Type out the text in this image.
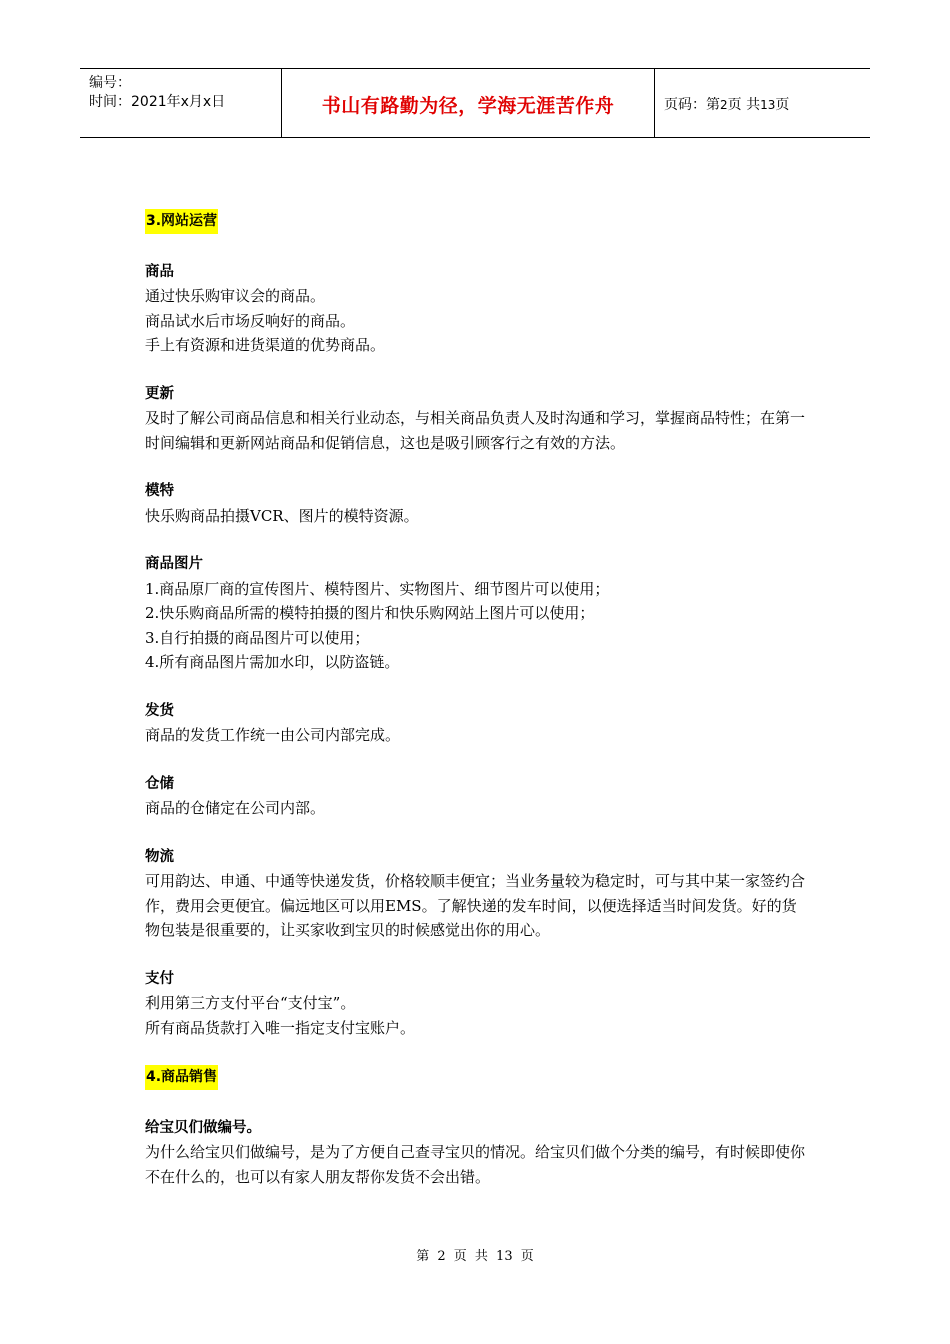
编号：
时间：2021年x月x日	书山有路勤为径，学海无涯苦作舟	页码：第2页 共13页
3.网站运营
商品

通过快乐购审议会的商品。

商品试水后市场反响好的商品。

手上有资源和进货渠道的优势商品。

更新

及时了解公司商品信息和相关行业动态，与相关商品负责人及时沟通和学习，掌握商品特性；在第一时间编辑和更新网站商品和促销信息，这也是吸引顾客行之有效的方法。

模特

快乐购商品拍摄VCR、图片的模特资源。

商品图片

1.商品原厂商的宣传图片、模特图片、实物图片、细节图片可以使用；

2.快乐购商品所需的模特拍摄的图片和快乐购网站上图片可以使用；

3.自行拍摄的商品图片可以使用；

4.所有商品图片需加水印，以防盗链。

发货

商品的发货工作统一由公司内部完成。

仓储

商品的仓储定在公司内部。

物流

可用韵达、申通、中通等快递发货，价格较顺丰便宜；当业务量较为稳定时，可与其中某一家签约合作，费用会更便宜。偏远地区可以用EMS。了解快递的发车时间，以便选择适当时间发货。好的货物包装是很重要的，让买家收到宝贝的时候感觉出你的用心。

支付

利用第三方支付平台“支付宝”。

所有商品货款打入唯一指定支付宝账户。

4.商品销售
给宝贝们做编号。

为什么给宝贝们做编号，是为了方便自己查寻宝贝的情况。给宝贝们做个分类的编号，有时候即使你不在什么的，也可以有家人朋友帮你发货不会出错。

第 2 页 共 13 页
